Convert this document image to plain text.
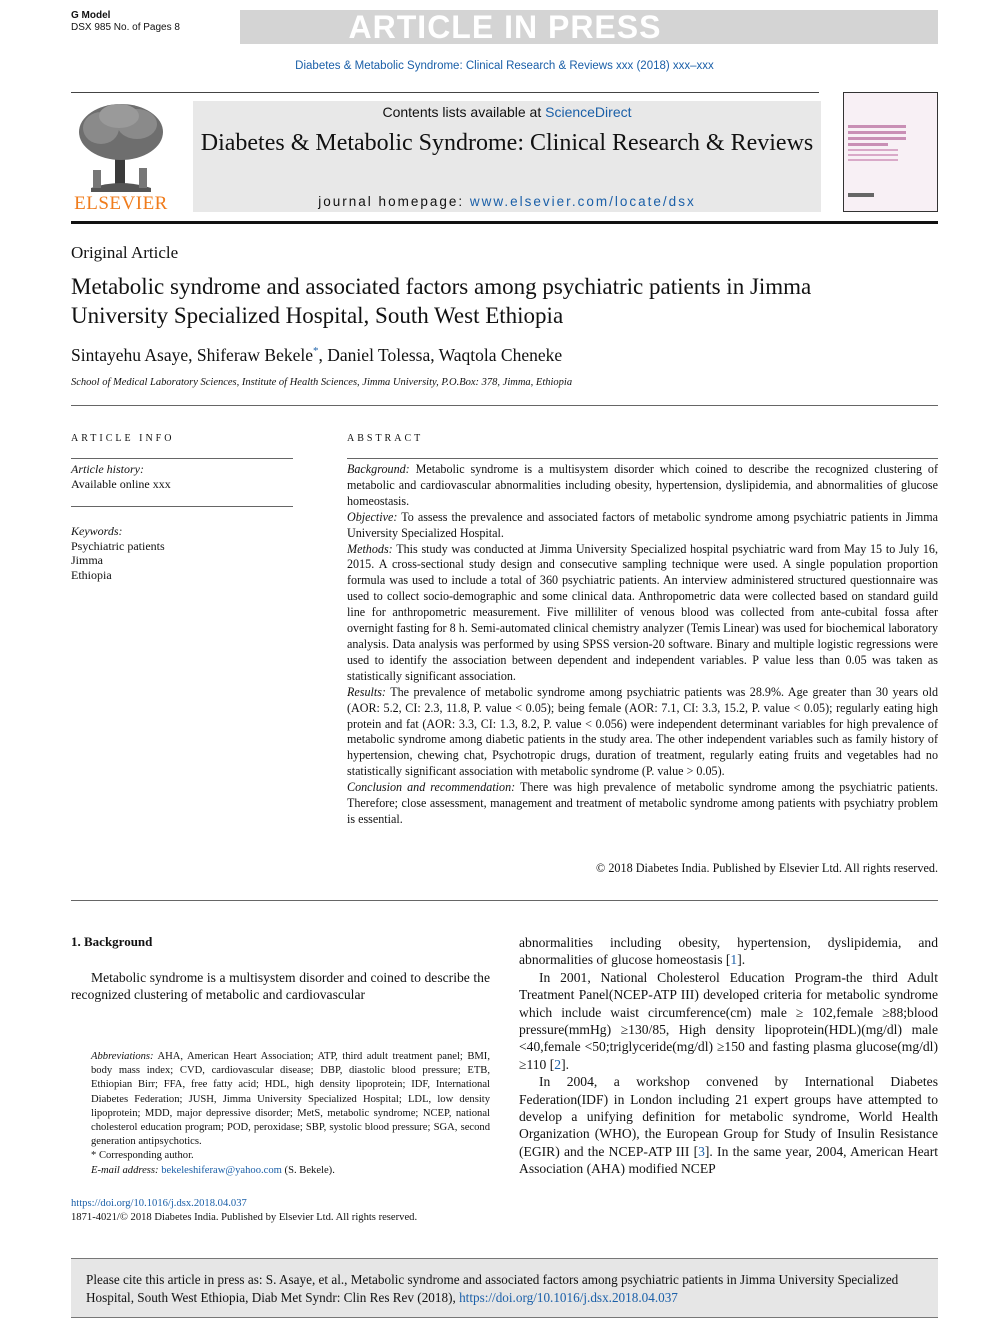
G Model
DSX 985 No. of Pages 8	ARTICLE IN PRESS
Diabetes & Metabolic Syndrome: Clinical Research & Reviews xxx (2018) xxx–xxx
ELSEVIER
Contents lists available at ScienceDirect
Diabetes & Metabolic Syndrome: Clinical Research & Reviews
journal homepage: www.elsevier.com/locate/dsx
Original Article
Metabolic syndrome and associated factors among psychiatric patients in Jimma University Specialized Hospital, South West Ethiopia
Sintayehu Asaye, Shiferaw Bekele*, Daniel Tolessa, Waqtola Cheneke
School of Medical Laboratory Sciences, Institute of Health Sciences, Jimma University, P.O.Box: 378, Jimma, Ethiopia
ARTICLE INFO
Article history:
Available online xxx
Keywords:
Psychiatric patients
Jimma
Ethiopia
ABSTRACT

Background: Metabolic syndrome is a multisystem disorder which coined to describe the recognized clustering of metabolic and cardiovascular abnormalities including obesity, hypertension, dyslipidemia, and abnormalities of glucose homeostasis.

Objective: To assess the prevalence and associated factors of metabolic syndrome among psychiatric patients in Jimma University Specialized Hospital.

Methods: This study was conducted at Jimma University Specialized hospital psychiatric ward from May 15 to July 16, 2015. A cross-sectional study design and consecutive sampling technique were used. A single population proportion formula was used to include a total of 360 psychiatric patients. An interview administered structured questionnaire was used to collect socio-demographic and some clinical data. Anthropometric data were collected based on standard guild line for anthropometric measurement. Five milliliter of venous blood was collected from ante-cubital fossa after overnight fasting for 8 h. Semi-automated clinical chemistry analyzer (Temis Linear) was used for biochemical laboratory analysis. Data analysis was performed by using SPSS version-20 software. Binary and multiple logistic regressions were used to identify the association between dependent and independent variables. P value less than 0.05 was taken as statistically significant association.

Results: The prevalence of metabolic syndrome among psychiatric patients was 28.9%. Age greater than 30 years old (AOR: 5.2, CI: 2.3, 11.8, P. value < 0.05); being female (AOR: 7.1, CI: 3.3, 15.2, P. value < 0.05); regularly eating high protein and fat (AOR: 3.3, CI: 1.3, 8.2, P. value < 0.056) were independent determinant variables for high prevalence of metabolic syndrome among diabetic patients in the study area. The other independent variables such as family history of hypertension, chewing chat, Psychotropic drugs, duration of treatment, regularly eating fruits and vegetables had no statistically significant association with metabolic syndrome (P. value > 0.05).

Conclusion and recommendation: There was high prevalence of metabolic syndrome among the psychiatric patients. Therefore; close assessment, management and treatment of metabolic syndrome among patients with psychiatry problem is essential.

© 2018 Diabetes India. Published by Elsevier Ltd. All rights reserved.
1. Background
Metabolic syndrome is a multisystem disorder and coined to describe the recognized clustering of metabolic and cardiovascular

abnormalities including obesity, hypertension, dyslipidemia, and abnormalities of glucose homeostasis [1].

In 2001, National Cholesterol Education Program-the third Adult Treatment Panel(NCEP-ATP III) developed criteria for metabolic syndrome which include waist circumference(cm) male ≥ 102,female ≥88;blood pressure(mmHg) ≥130/85, High density lipoprotein(HDL)(mg/dl) male <40,female <50;triglyceride(mg/dl) ≥150 and fasting plasma glucose(mg/dl) ≥110 [2].

In 2004, a workshop convened by International Diabetes Federation(IDF) in London including 21 expert groups have attempted to develop a unifying definition for metabolic syndrome, World Health Organization (WHO), the European Group for Study of Insulin Resistance (EGIR) and the NCEP-ATP III [3]. In the same year, 2004, American Heart Association (AHA) modified NCEP

Abbreviations: AHA, American Heart Association; ATP, third adult treatment panel; BMI, body mass index; CVD, cardiovascular disease; DBP, diastolic blood pressure; ETB, Ethiopian Birr; FFA, free fatty acid; HDL, high density lipoprotein; IDF, International Diabetes Federation; JUSH, Jimma University Specialized Hospital; LDL, low density lipoprotein; MDD, major depressive disorder; MetS, metabolic syndrome; NCEP, national cholesterol education program; POD, peroxidase; SBP, systolic blood pressure; SGA, second generation antipsychotics.
* Corresponding author.
E-mail address: bekeleshiferaw@yahoo.com (S. Bekele).
https://doi.org/10.1016/j.dsx.2018.04.037
1871-4021/© 2018 Diabetes India. Published by Elsevier Ltd. All rights reserved.
Please cite this article in press as: S. Asaye, et al., Metabolic syndrome and associated factors among psychiatric patients in Jimma University Specialized Hospital, South West Ethiopia, Diab Met Syndr: Clin Res Rev (2018), https://doi.org/10.1016/j.dsx.2018.04.037
